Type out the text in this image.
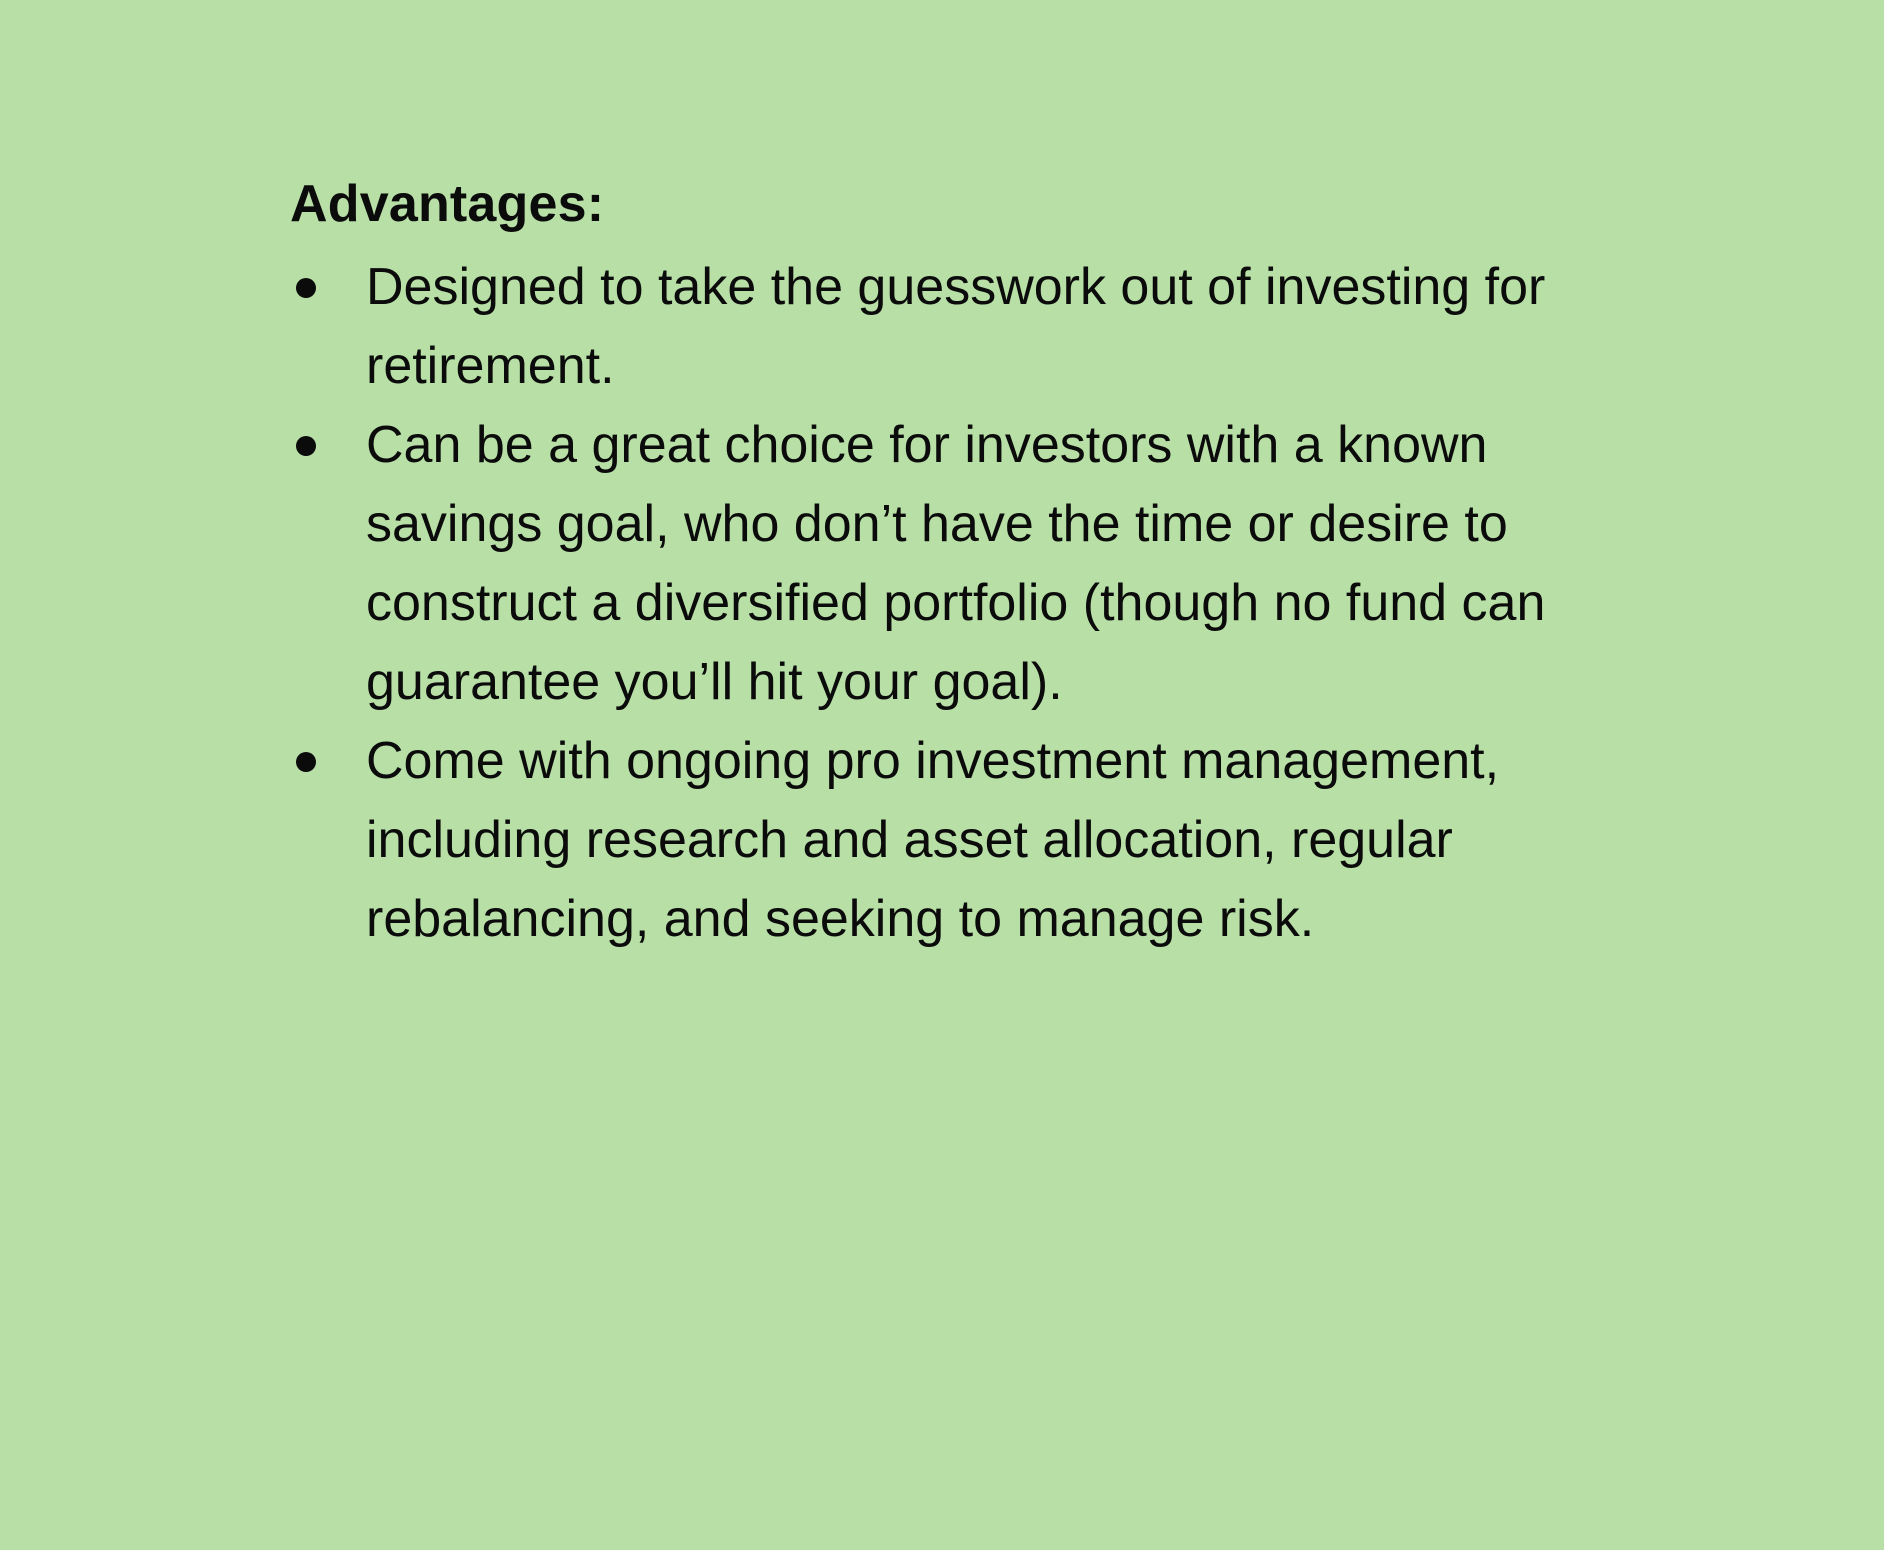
Advantages:
Designed to take the guesswork out of investing for retirement.
Can be a great choice for investors with a known savings goal, who don’t have the time or desire to construct a diversified portfolio (though no fund can guarantee you’ll hit your goal).
Come with ongoing pro investment management, including research and asset allocation, regular rebalancing, and seeking to manage risk.
